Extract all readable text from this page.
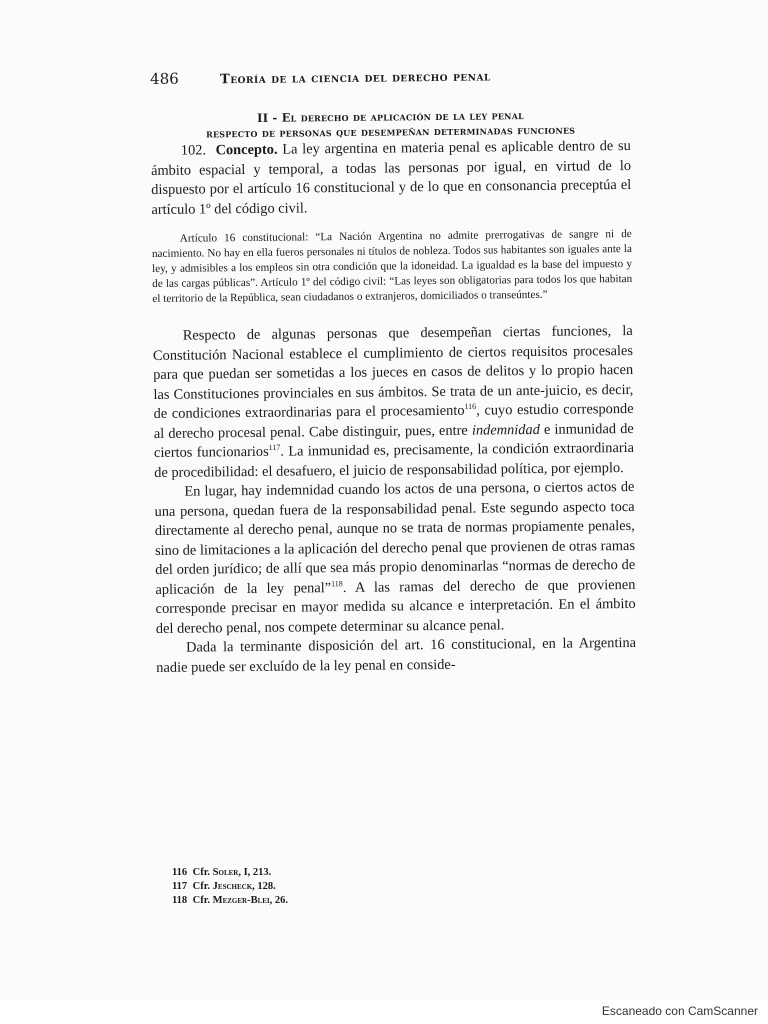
486	Teoría de la ciencia del derecho penal
II - El derecho de aplicación de la ley penal
respecto de personas que desempeñan determinadas funciones

102. Concepto. La ley argentina en materia penal es aplicable dentro de su ámbito espacial y temporal, a todas las personas por igual, en virtud de lo dispuesto por el artículo 16 constitucional y de lo que en consonancia preceptúa el artículo 1º del código civil.

Artículo 16 constitucional: “La Nación Argentina no admite prerrogativas de sangre ni de nacimiento. No hay en ella fueros personales ni títulos de nobleza. Todos sus habitantes son iguales ante la ley, y admisibles a los empleos sin otra condición que la idoneidad. La igualdad es la base del impuesto y de las cargas públicas”. Artículo 1º del código civil: “Las leyes son obligatorias para todos los que habitan el territorio de la República, sean ciudadanos o extranjeros, domiciliados o transeúntes.”

Respecto de algunas personas que desempeñan ciertas funciones, la Constitución Nacional establece el cumplimiento de ciertos requisitos procesales para que puedan ser sometidas a los jueces en casos de delitos y lo propio hacen las Constituciones provinciales en sus ámbitos. Se trata de un ante-juicio, es decir, de condiciones extraordinarias para el procesamiento$^{116}$, cuyo estudio corresponde al derecho procesal penal. Cabe distinguir, pues, entre indemnidad e inmunidad de ciertos funcionarios$^{117}$. La inmunidad es, precisamente, la condición extraordinaria de procedibilidad: el desafuero, el juicio de responsabilidad política, por ejemplo.

En lugar, hay indemnidad cuando los actos de una persona, o ciertos actos de una persona, quedan fuera de la responsabilidad penal. Este segundo aspecto toca directamente al derecho penal, aunque no se trata de normas propiamente penales, sino de limitaciones a la aplicación del derecho penal que provienen de otras ramas del orden jurídico; de allí que sea más propio denominarlas “normas de derecho de aplicación de la ley penal”$^{118}$. A las ramas del derecho de que provienen corresponde precisar en mayor medida su alcance e interpretación. En el ámbito del derecho penal, nos compete determinar su alcance penal.

Dada la terminante disposición del art. 16 constitucional, en la Argentina nadie puede ser excluído de la ley penal en conside-

116 Cfr. Soler, I, 213.
117 Cfr. Jescheck, 128.
118 Cfr. Mezger-Blei, 26.
Escaneado con CamScanner
